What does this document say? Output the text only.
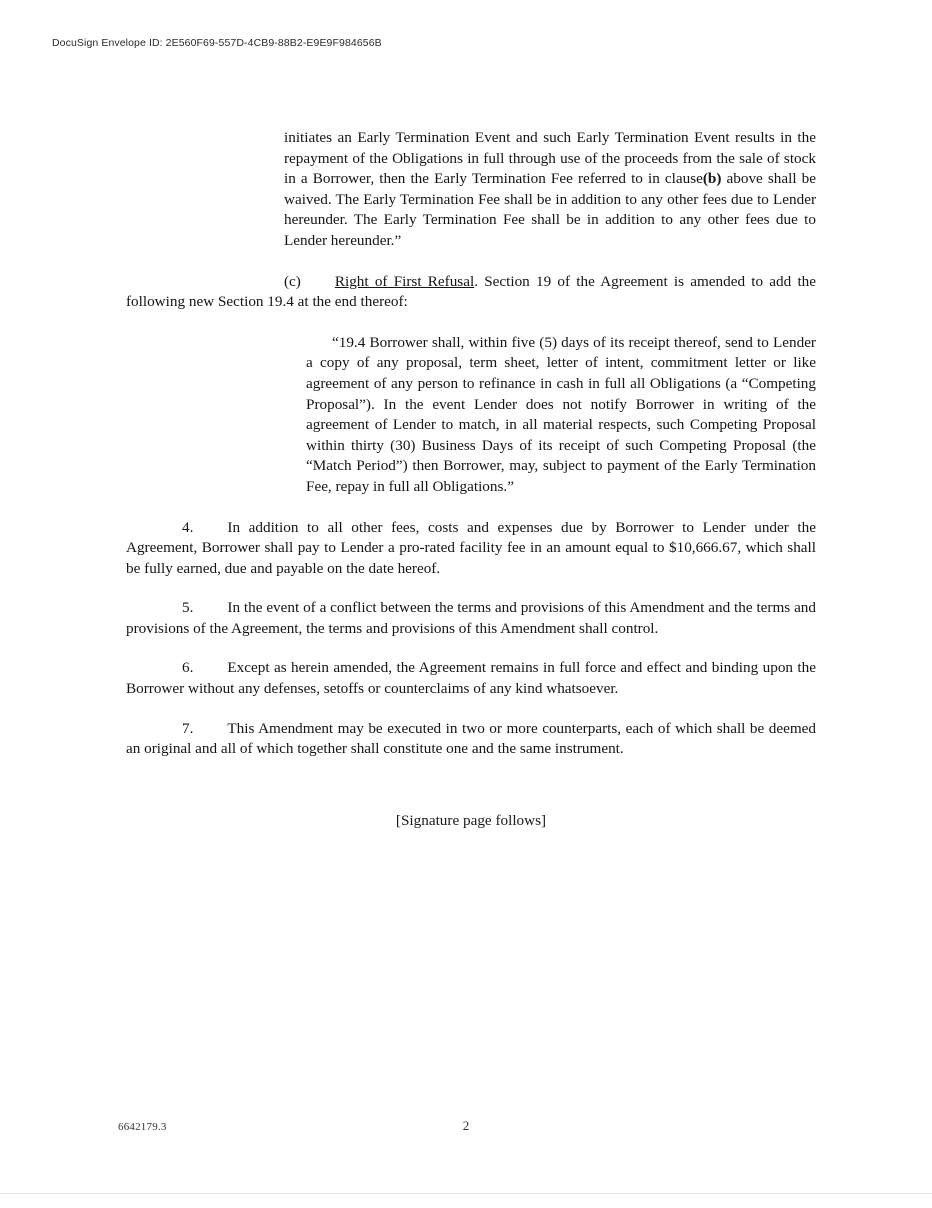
DocuSign Envelope ID: 2E560F69-557D-4CB9-88B2-E9E9F984656B

initiates an Early Termination Event and such Early Termination Event results in the repayment of the Obligations in full through use of the proceeds from the sale of stock in a Borrower, then the Early Termination Fee referred to in clause(b) above shall be waived. The Early Termination Fee shall be in addition to any other fees due to Lender hereunder. The Early Termination Fee shall be in addition to any other fees due to Lender hereunder.”

(c) Right of First Refusal. Section 19 of the Agreement is amended to add the following new Section 19.4 at the end thereof:

“19.4 Borrower shall, within five (5) days of its receipt thereof, send to Lender a copy of any proposal, term sheet, letter of intent, commitment letter or like agreement of any person to refinance in cash in full all Obligations (a “Competing Proposal”). In the event Lender does not notify Borrower in writing of the agreement of Lender to match, in all material respects, such Competing Proposal within thirty (30) Business Days of its receipt of such Competing Proposal (the “Match Period”) then Borrower, may, subject to payment of the Early Termination Fee, repay in full all Obligations.”

4. In addition to all other fees, costs and expenses due by Borrower to Lender under the Agreement, Borrower shall pay to Lender a pro-rated facility fee in an amount equal to $10,666.67, which shall be fully earned, due and payable on the date hereof.

5. In the event of a conflict between the terms and provisions of this Amendment and the terms and provisions of the Agreement, the terms and provisions of this Amendment shall control.

6. Except as herein amended, the Agreement remains in full force and effect and binding upon the Borrower without any defenses, setoffs or counterclaims of any kind whatsoever.

7. This Amendment may be executed in two or more counterparts, each of which shall be deemed an original and all of which together shall constitute one and the same instrument.

[Signature page follows]
6642179.3	2
